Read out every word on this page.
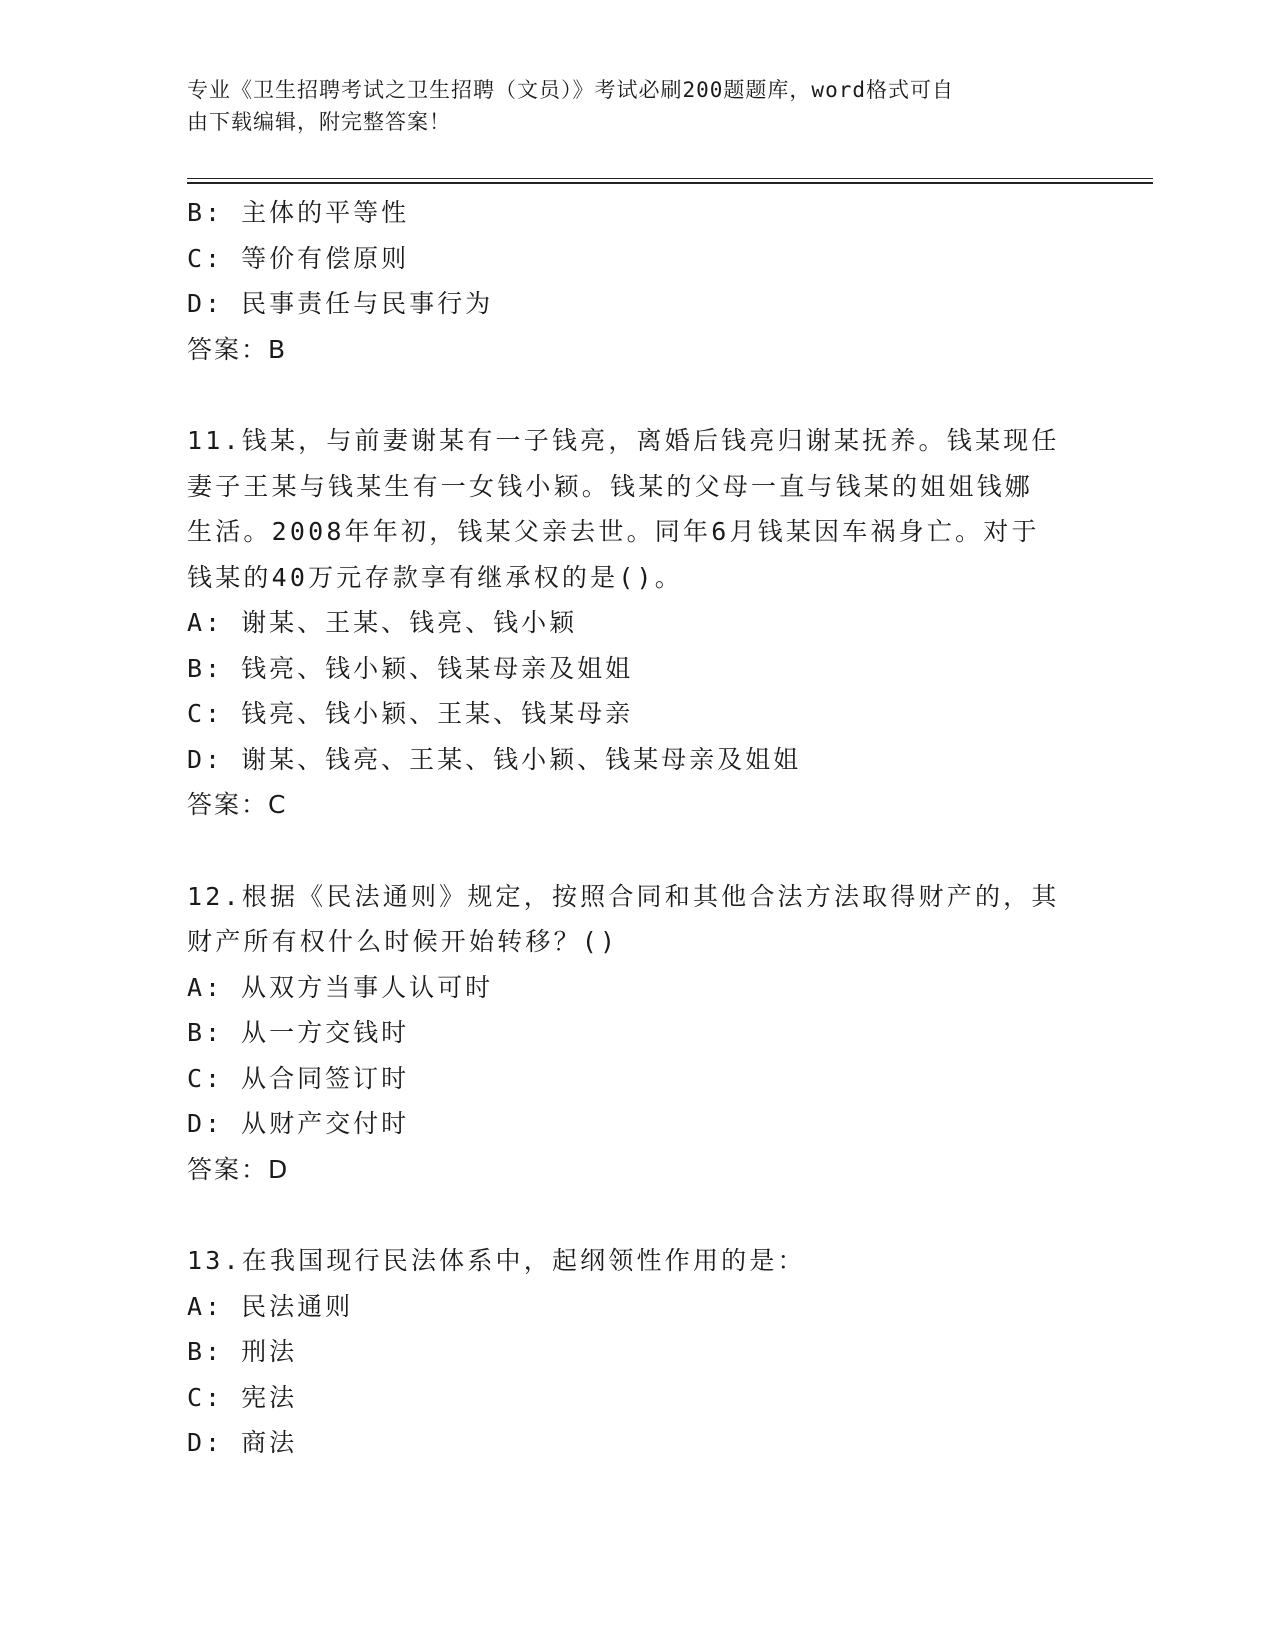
专业《卫生招聘考试之卫生招聘（文员）》考试必刷200题题库，word格式可自
由下载编辑，附完整答案！
B: 主体的平等性
C: 等价有偿原则
D: 民事责任与民事行为
答案：B
11.钱某，与前妻谢某有一子钱亮，离婚后钱亮归谢某抚养。钱某现任
妻子王某与钱某生有一女钱小颖。钱某的父母一直与钱某的姐姐钱娜
生活。2008年年初，钱某父亲去世。同年6月钱某因车祸身亡。对于
钱某的40万元存款享有继承权的是()。
A: 谢某、王某、钱亮、钱小颖
B: 钱亮、钱小颖、钱某母亲及姐姐
C: 钱亮、钱小颖、王某、钱某母亲
D: 谢某、钱亮、王某、钱小颖、钱某母亲及姐姐
答案：C
12.根据《民法通则》规定，按照合同和其他合法方法取得财产的，其
财产所有权什么时候开始转移？()
A: 从双方当事人认可时
B: 从一方交钱时
C: 从合同签订时
D: 从财产交付时
答案：D
13.在我国现行民法体系中，起纲领性作用的是：
A: 民法通则
B: 刑法
C: 宪法
D: 商法
